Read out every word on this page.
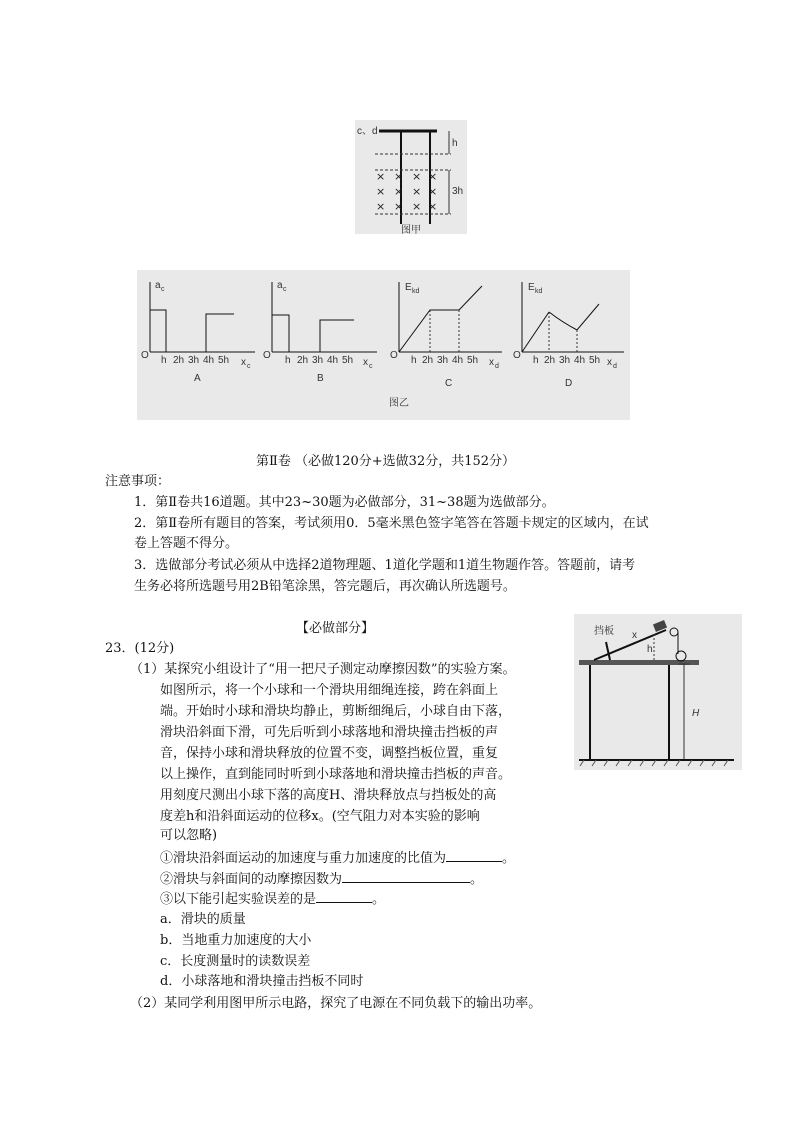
c、d
h
3h
× × × ×
× × × ×
× × × ×
图甲
a c
O h 2h 3h 4h 5h x c
A
a c
O h 2h 3h 4h 5h x c
B
E kd
O h 2h 3h 4h 5h x d
C
E kd
O h 2h 3h 4h 5h x d
D
图乙
第Ⅱ卷 （必做120分+选做32分，共152分）
注意事项：
1．第Ⅱ卷共16道题。其中23~30题为必做部分，31~38题为选做部分。
2．第Ⅱ卷所有题目的答案，考试须用0．5毫米黑色签字笔答在答题卡规定的区域内，在试
卷上答题不得分。
3．选做部分考试必须从中选择2道物理题、1道化学题和1道生物题作答。答题前，请考
生务必将所选题号用2B铅笔涂黑，答完题后，再次确认所选题号。
【必做部分】
23．(12分)
（1）某探究小组设计了“用一把尺子测定动摩擦因数”的实验方案。
如图所示，将一个小球和一个滑块用细绳连接，跨在斜面上
端。开始时小球和滑块均静止，剪断细绳后，小球自由下落，
滑块沿斜面下滑，可先后听到小球落地和滑块撞击挡板的声
音，保持小球和滑块释放的位置不变，调整挡板位置，重复
以上操作，直到能同时听到小球落地和滑块撞击挡板的声音。
用刻度尺测出小球下落的高度H、滑块释放点与挡板处的高
度差h和沿斜面运动的位移x。(空气阻力对本实验的影响
可以忽略)
①滑块沿斜面运动的加速度与重力加速度的比值为	。
②滑块与斜面间的动摩擦因数为	。
③以下能引起实验误差的是	。
a．滑块的质量
b．当地重力加速度的大小
c．长度测量时的读数误差
d．小球落地和滑块撞击挡板不同时
（2）某同学利用图甲所示电路，探究了电源在不同负载下的输出功率。
挡板 x
h
H
